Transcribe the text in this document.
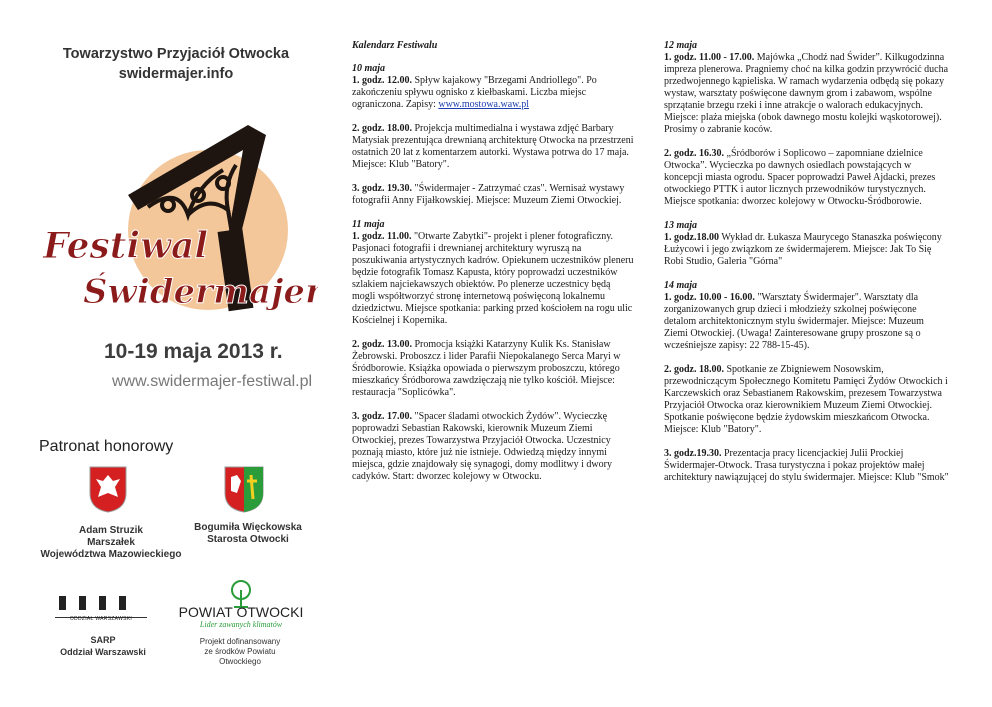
Towarzystwo Przyjaciół Otwocka
swidermajer.info
Festiwal
Świdermajer
10-19 maja 2013 r.
www.swidermajer-festiwal.pl
Patronat honorowy
Adam Struzik
Marszałek
Województwa Mazowieckiego
Bogumiła Więckowska
Starosta Otwocki
ODDZIAŁ WARSZAWSKI
SARP
Oddział Warszawski
POWIAT OTWOCKI
Lider zawanych klimatów
Projekt dofinansowany
ze środków Powiatu Otwockiego

Kalendarz Festiwalu

10 maja

1. godz. 12.00. Spływ kajakowy "Brzegami Andriollego". Po zakończeniu spływu ognisko z kiełbaskami. Liczba miejsc ograniczona. Zapisy: www.mostowa.waw.pl

2. godz. 18.00. Projekcja multimedialna i wystawa zdjęć Barbary Matysiak prezentująca drewnianą architekturę Otwocka na przestrzeni ostatnich 20 lat z komentarzem autorki. Wystawa potrwa do 17 maja. Miejsce: Klub "Batory".

3. godz. 19.30. "Świdermajer - Zatrzymać czas". Wernisaż wystawy fotografii Anny Fijałkowskiej. Miejsce: Muzeum Ziemi Otwockiej.

11 maja

1. godz. 11.00. "Otwarte Zabytki"- projekt i plener fotograficzny. Pasjonaci fotografii i drewnianej architektury wyruszą na poszukiwania artystycznych kadrów. Opiekunem uczestników pleneru będzie fotografik Tomasz Kapusta, który poprowadzi uczestników szlakiem najciekawszych obiektów. Po plenerze uczestnicy będą mogli współtworzyć stronę internetową poświęconą lokalnemu dziedzictwu. Miejsce spotkania: parking przed kościołem na rogu ulic Kościelnej i Kopernika.

2. godz. 13.00. Promocja książki Katarzyny Kulik Ks. Stanisław Żebrowski. Proboszcz i lider Parafii Niepokalanego Serca Maryi w Śródborowie. Książka opowiada o pierwszym proboszczu, którego mieszkańcy Śródborowa zawdzięczają nie tylko kościół. Miejsce: restauracja "Soplicówka".

3. godz. 17.00. "Spacer śladami otwockich Żydów". Wycieczkę poprowadzi Sebastian Rakowski, kierownik Muzeum Ziemi Otwockiej, prezes Towarzystwa Przyjaciół Otwocka. Uczestnicy poznają miasto, które już nie istnieje. Odwiedzą między innymi miejsca, gdzie znajdowały się synagogi, domy modlitwy i dwory cadyków. Start: dworzec kolejowy w Otwocku.

12 maja

1. godz. 11.00 - 17.00. Majówka „Chodź nad Świder”. Kilkugodzinna impreza plenerowa. Pragniemy choć na kilka godzin przywrócić ducha przedwojennego kąpieliska. W ramach wydarzenia odbędą się pokazy wystaw, warsztaty poświęcone dawnym grom i zabawom, wspólne sprzątanie brzegu rzeki i inne atrakcje o walorach edukacyjnych. Miejsce: plaża miejska (obok dawnego mostu kolejki wąskotorowej). Prosimy o zabranie koców.

2. godz. 16.30. „Śródborów i Soplicowo – zapomniane dzielnice Otwocka”. Wycieczka po dawnych osiedlach powstających w koncepcji miasta ogrodu. Spacer poprowadzi Paweł Ajdacki, prezes otwockiego PTTK i autor licznych przewodników turystycznych. Miejsce spotkania: dworzec kolejowy w Otwocku-Śródborowie.

13 maja

1. godz.18.00 Wykład dr. Łukasza Maurycego Stanaszka poświęcony Łużycowi i jego związkom ze świdermajerem. Miejsce: Jak To Się Robi Studio, Galeria "Górna"

14 maja

1. godz. 10.00 - 16.00. "Warsztaty Świdermajer". Warsztaty dla zorganizowanych grup dzieci i młodzieży szkolnej poświęcone detalom architektonicznym stylu świdermajer. Miejsce: Muzeum Ziemi Otwockiej. (Uwaga! Zainteresowane grupy proszone są o wcześniejsze zapisy: 22 788-15-45).

2. godz. 18.00. Spotkanie ze Zbigniewem Nosowskim, przewodniczącym Społecznego Komitetu Pamięci Żydów Otwockich i Karczewskich oraz Sebastianem Rakowskim, prezesem Towarzystwa Przyjaciół Otwocka oraz kierownikiem Muzeum Ziemi Otwockiej. Spotkanie poświęcone będzie żydowskim mieszkańcom Otwocka. Miejsce: Klub "Batory".

3. godz.19.30. Prezentacja pracy licencjackiej Julii Prockiej Świdermajer-Otwock. Trasa turystyczna i pokaz projektów małej architektury nawiązującej do stylu świdermajer. Miejsce: Klub "Smok"
